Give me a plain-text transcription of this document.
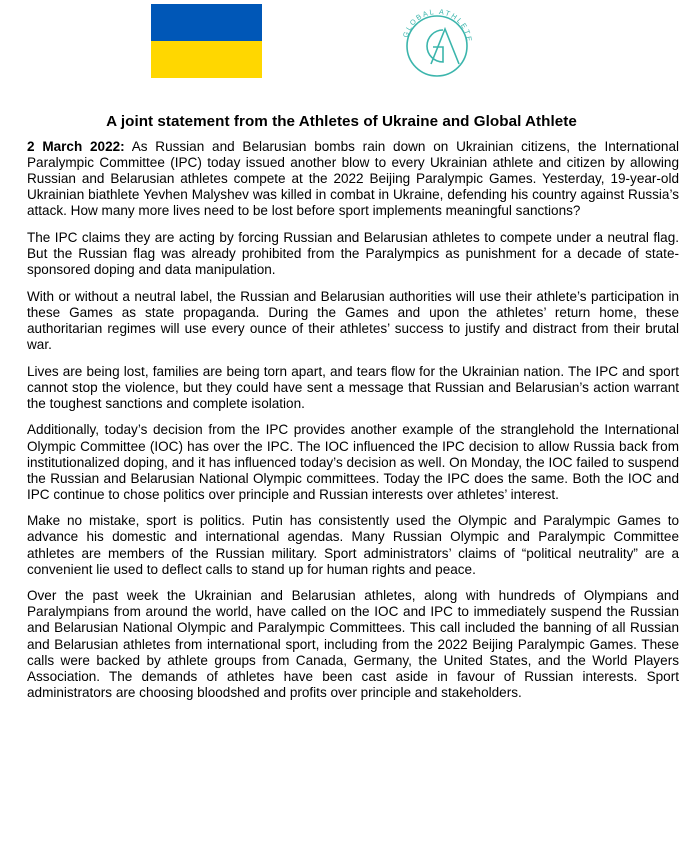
GLOBAL ATHLETE
A joint statement from the Athletes of Ukraine and Global Athlete

2 March 2022: As Russian and Belarusian bombs rain down on Ukrainian citizens, the International Paralympic Committee (IPC) today issued another blow to every Ukrainian athlete and citizen by allowing Russian and Belarusian athletes compete at the 2022 Beijing Paralympic Games. Yesterday, 19-year-old Ukrainian biathlete Yevhen Malyshev was killed in combat in Ukraine, defending his country against Russia’s attack. How many more lives need to be lost before sport implements meaningful sanctions?

The IPC claims they are acting by forcing Russian and Belarusian athletes to compete under a neutral flag. But the Russian flag was already prohibited from the Paralympics as punishment for a decade of state-sponsored doping and data manipulation.

With or without a neutral label, the Russian and Belarusian authorities will use their athlete’s participation in these Games as state propaganda. During the Games and upon the athletes’ return home, these authoritarian regimes will use every ounce of their athletes’ success to justify and distract from their brutal war.

Lives are being lost, families are being torn apart, and tears flow for the Ukrainian nation. The IPC and sport cannot stop the violence, but they could have sent a message that Russian and Belarusian’s action warrant the toughest sanctions and complete isolation.

Additionally, today’s decision from the IPC provides another example of the stranglehold the International Olympic Committee (IOC) has over the IPC. The IOC influenced the IPC decision to allow Russia back from institutionalized doping, and it has influenced today’s decision as well. On Monday, the IOC failed to suspend the Russian and Belarusian National Olympic committees. Today the IPC does the same. Both the IOC and IPC continue to chose politics over principle and Russian interests over athletes’ interest.

Make no mistake, sport is politics. Putin has consistently used the Olympic and Paralympic Games to advance his domestic and international agendas. Many Russian Olympic and Paralympic Committee athletes are members of the Russian military. Sport administrators’ claims of “political neutrality” are a convenient lie used to deflect calls to stand up for human rights and peace.

Over the past week the Ukrainian and Belarusian athletes, along with hundreds of Olympians and Paralympians from around the world, have called on the IOC and IPC to immediately suspend the Russian and Belarusian National Olympic and Paralympic Committees. This call included the banning of all Russian and Belarusian athletes from international sport, including from the 2022 Beijing Paralympic Games. These calls were backed by athlete groups from Canada, Germany, the United States, and the World Players Association. The demands of athletes have been cast aside in favour of Russian interests. Sport administrators are choosing bloodshed and profits over principle and stakeholders.
